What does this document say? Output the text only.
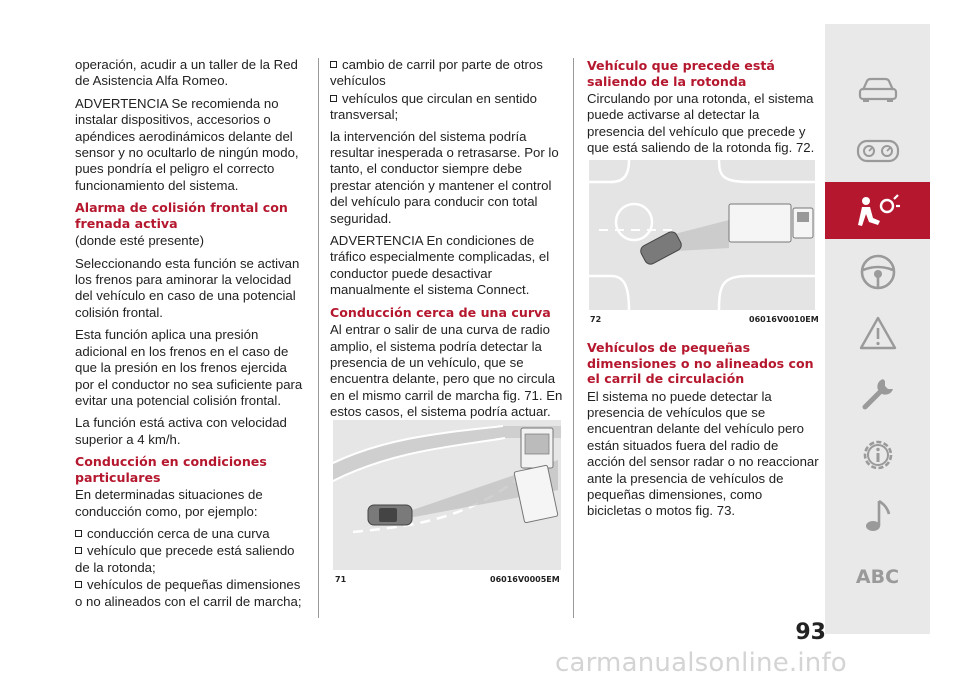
operación, acudir a un taller de la Red de Asistencia Alfa Romeo.

ADVERTENCIA Se recomienda no instalar dispositivos, accesorios o apéndices aerodinámicos delante del sensor y no ocultarlo de ningún modo, pues pondría el peligro el correcto funcionamiento del sistema.

Alarma de colisión frontal con frenada activa

(donde esté presente)

Seleccionando esta función se activan los frenos para aminorar la velocidad del vehículo en caso de una potencial colisión frontal.

Esta función aplica una presión adicional en los frenos en el caso de que la presión en los frenos ejercida por el conductor no sea suficiente para evitar una potencial colisión frontal.

La función está activa con velocidad superior a 4 km/h.

Conducción en condiciones particulares

En determinadas situaciones de conducción como, por ejemplo:

conducción cerca de una curva

vehículo que precede está saliendo de la rotonda;

vehículos de pequeñas dimensiones o no alineados con el carril de marcha;

cambio de carril por parte de otros vehículos

vehículos que circulan en sentido transversal;

la intervención del sistema podría resultar inesperada o retrasarse. Por lo tanto, el conductor siempre debe prestar atención y mantener el control del vehículo para conducir con total seguridad.

ADVERTENCIA En condiciones de tráfico especialmente complicadas, el conductor puede desactivar manualmente el sistema Connect.

Conducción cerca de una curva

Al entrar o salir de una curva de radio amplio, el sistema podría detectar la presencia de un vehículo, que se encuentra delante, pero que no circula en el mismo carril de marcha fig. 71. En estos casos, el sistema podría actuar.

71	06016V0005EM
Vehículo que precede está saliendo de la rotonda

Circulando por una rotonda, el sistema puede activarse al detectar la presencia del vehículo que precede y que está saliendo de la rotonda fig. 72.

72	06016V0010EM
Vehículos de pequeñas dimensiones o no alineados con el carril de circulación

El sistema no puede detectar la presencia de vehículos que se encuentran delante del vehículo pero están situados fuera del radio de acción del sensor radar o no reaccionar ante la presencia de vehículos de pequeñas dimensiones, como bicicletas o motos fig. 73.

ABC
93
carmanualsonline.info
